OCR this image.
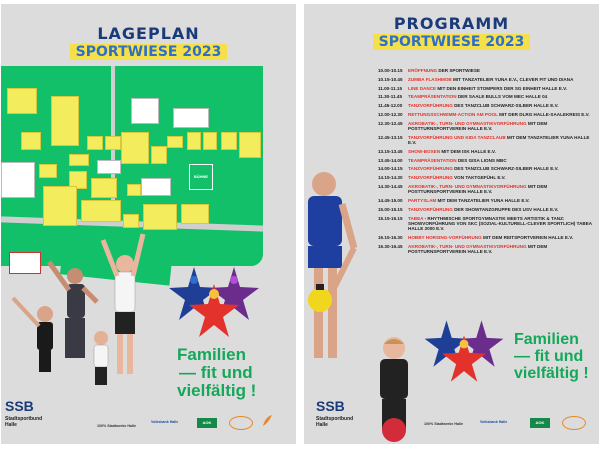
LAGEPLAN
SPORTWIESE 2023
BÜHNE
Familien
— fit und
vielfältig !
SSB
Stadtsportbund
Halle	100% Stadtwerke Halle
Volksbank Halle	AOK
PROGRAMM
SPORTWIESE 2023
10.00-10.15	ERÖFFNUNG DER SPORTWIESE
10.15-10.45	ZUMBA FLASHMOB MIT TANZATELIER YUNA E.V., CLEVER FIT UND DIANA
11.00-11.15	LINE DANCE MIT DEN EINHEIT STOMPERS DER SG EINHEIT HALLE E.V.
11.30-11.45	TEAMPRÄSENTATION DER SAALE BULLS VOM MEC HALLE 04
11.45-12.00	TANZVORFÜHRUNG DES TANZCLUB SCHWARZ-SILBER HALLE E.V.
12.00-12.30	RETTUNGSSCHWIMM-ACTION AM POOL MIT DER DLRG HALLE-SAALEKREIS E.V.
12.30-12.45	AKROBATIK-, TURN- UND GYMNASTIKVORFÜHRUNG MIT DEM POSTTURNSPORTVEREIN HALLE E.V.
12.45-13.15	TANZVORFÜHRUNG UND KIDA TANZCLAUB MIT DEM TANZATELIER YUNA HALLE E.V.
13.15-13.45	SHOW-BOXEN MIT DEM ISK HALLE E.V.
13.45-14.00	TEAMPRÄSENTATION DES GISA LIONS MBC
14.00-14.15	TANZVORFÜHRUNG DES TANZCLUB SCHWARZ-SILBER HALLE E.V.
14.15-14.30	TANZVORFÜHRUNG VON TAKTGEFÜHL E.V.
14.30-14.45	AKROBATIK-, TURN- UND GYMNASTIKVORFÜHRUNG MIT DEM POSTTURNSPORTVEREIN HALLE E.V.
14.45-15.00	PARTYSLAM MIT DEM TANZATELIER YUNA HALLE E.V.
15.00-15.15	TANZVORFÜHRUNG DER SHOWTANZGRUPPE DES USV HALLE E.V.
15.15-16.15	TABEA - RHYTHMISCHE SPORTGYMNASTIK MEETS ARTISTIK & TANZ: SHOWVORFÜHRUNG VON SKC (SOZIAL-KULTURELL-CLEVER SPORTLICH) TABEA HALLE 2000 E.V.
16.15-16.30	HOBBY HORSING-VORFÜHRUNG MIT DEM REITSPORTVEREIN HALLE E.V.
16.30-16.45	AKROBATIK-, TURN- UND GYMNASTIKVORFÜHRUNG MIT DEM POSTTURNSPORTVEREIN HALLE E.V.
Familien
— fit und
vielfältig !
SSB
Stadtsportbund
Halle	100% Stadtwerke Halle	Volksbank Halle	AOK
